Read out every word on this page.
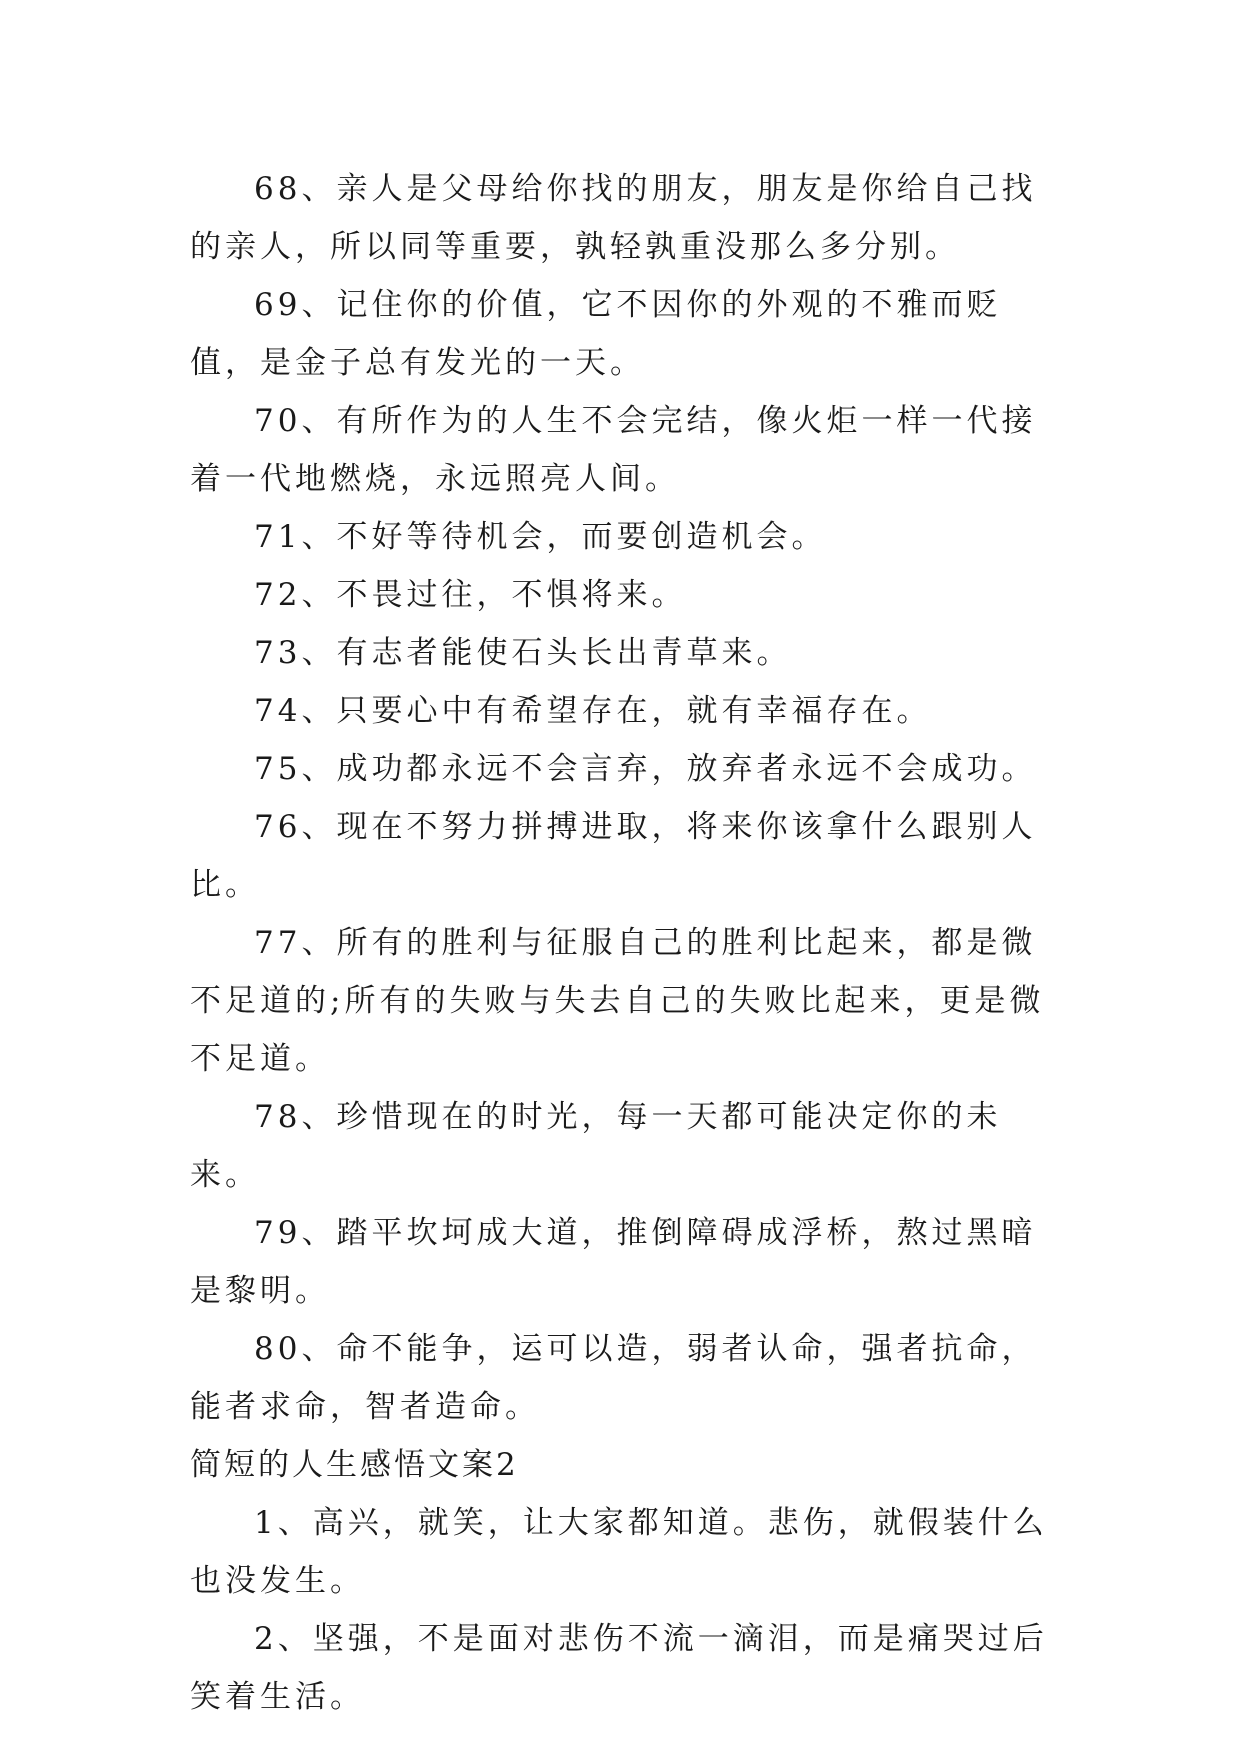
68、亲人是父母给你找的朋友，朋友是你给自己找的亲人，所以同等重要，孰轻孰重没那么多分别。

69、记住你的价值，它不因你的外观的不雅而贬值，是金子总有发光的一天。

70、有所作为的人生不会完结，像火炬一样一代接着一代地燃烧，永远照亮人间。

71、不好等待机会，而要创造机会。

72、不畏过往，不惧将来。

73、有志者能使石头长出青草来。

74、只要心中有希望存在，就有幸福存在。

75、成功都永远不会言弃，放弃者永远不会成功。

76、现在不努力拼搏进取，将来你该拿什么跟别人比。

77、所有的胜利与征服自己的胜利比起来，都是微不足道的;所有的失败与失去自己的失败比起来，更是微不足道。

78、珍惜现在的时光，每一天都可能决定你的未来。

79、踏平坎坷成大道，推倒障碍成浮桥，熬过黑暗是黎明。

80、命不能争，运可以造，弱者认命，强者抗命，能者求命，智者造命。

简短的人生感悟文案2

1、高兴，就笑，让大家都知道。悲伤，就假装什么也没发生。

2、坚强，不是面对悲伤不流一滴泪，而是痛哭过后笑着生活。
